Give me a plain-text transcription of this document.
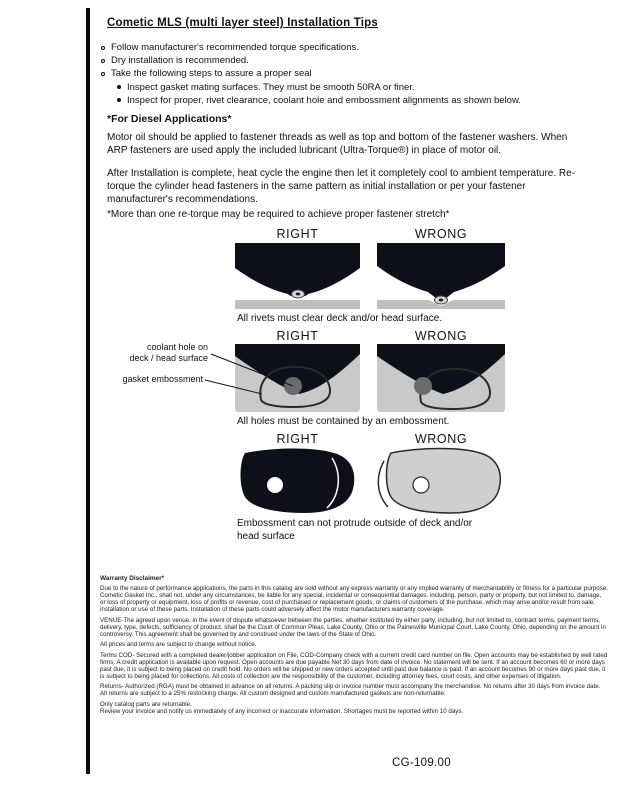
Cometic MLS (multi layer steel) Installation Tips
Follow manufacturer's recommended torque specifications.
Dry installation is recommended.
Take the following steps to assure a proper seal
Inspect gasket mating surfaces. They must be smooth 50RA or finer.
Inspect for proper, rivet clearance, coolant hole and embossment alignments as shown below.
*For Diesel Applications*

Motor oil should be applied to fastener threads as well as top and bottom of the fastener washers. When ARP fasteners are used apply the included lubricant (Ultra-Torque®) in place of motor oil.

After Installation is complete, heat cycle the engine then let it completely cool to ambient temperature. Re-torque the cylinder head fasteners in the same pattern as initial installation or per your fastener manufacturer's recommendations.

*More than one re-torque may be required to achieve proper fastener stretch*
RIGHT	WRONG
All rivets must clear deck and/or head surface.
RIGHT	WRONG
coolant hole on
deck / head surface
gasket embossment
All holes must be contained by an embossment.
RIGHT	WRONG
Embossment can not protrude outside of deck and/or head surface
Warranty Disclaimer*

Due to the nature of performance applications, the parts in this catalog are sold without any express warranty or any implied warranty of merchantability or fitness for a particular purpose. Cometic Gasket Inc., shall not, under any circumstances, be liable for any special, incidental or consequential damages, including, person, party or property, but not limited to, damage, or loss of property or equipment, loss of profits or revenue, cost of purchased or replacement goods, or claims of customers of the purchase, which may arise and/or result from sale, installation or use of these parts. Installation of these parts could adversely affect the motor manufacturers warranty coverage.

VENUE-The agreed upon venue, in the event of dispute whatsoever between the parties, whether instituted by either party, including, but not limited to, contract terms, payment terms, delivery, type, defects, sufficiency of product, shall be the Court of Common Pleas, Lake County, Ohio or the Painesville Municipal Court, Lake County, Ohio, depending on the amount in controversy. This agreement shall be governed by and construed under the laws of the State of Ohio.

All prices and terms are subject to change without notice.

Terms COD- Secured with a completed dealer/jobber application on File, COD-Company check with a current credit card number on file. Open accounts may be established by well rated firms. A credit application is available upon request. Open accounts are due payable Net 30 days from date of invoice. No statement will be sent. If an account becomes 60 or more days past due, it is subject to being placed on credit hold. No orders will be shipped or new orders accepted until past due balance is paid. If an account becomes 90 or more days past due, it is subject to being placed for collections. All costs of collection are the responsibility of the customer, including attorney fees, court costs, and other expenses of litigation.

Returns- Authorized (RGA) must be obtained in advance on all returns. A packing slip or invoice number must accompany the merchandise. No returns after 30 days from invoice date. All returns are subject to a 25% restocking charge. All custom designed and custom manufactured gaskets are non-returnable.

Only catalog parts are returnable.

Review your invoice and notify us immediately of any incorrect or inaccurate information. Shortages must be reported within 10 days.

CG-109.00
